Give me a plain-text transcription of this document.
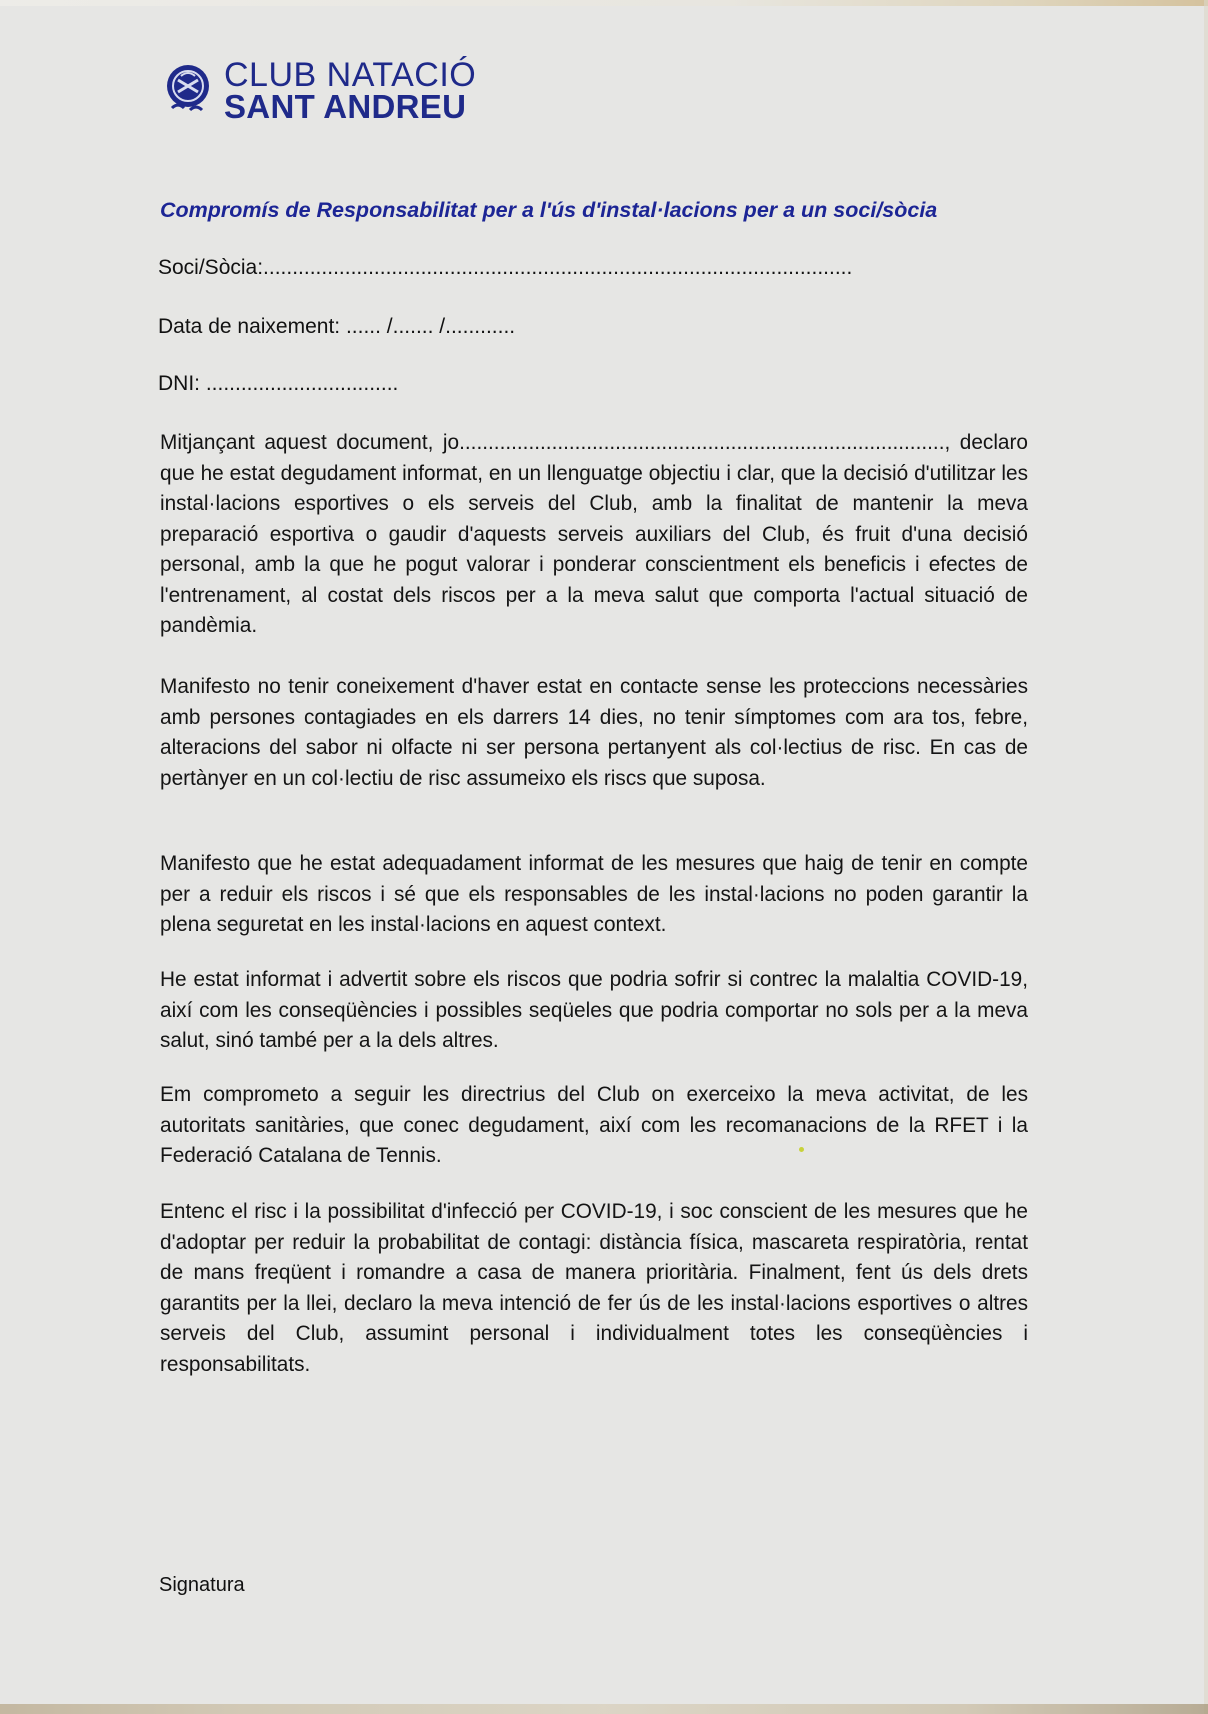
CLUB NATACIÓ
SANT ANDREU
Compromís de Responsabilitat per a l'ús d'instal·lacions per a un soci/sòcia
Soci/Sòcia:.....................................................................................................
Data de naixement: ...... /....... /............
DNI: .................................

Mitjançant aquest document, jo...................................................................................., declaro que he estat degudament informat, en un llenguatge objectiu i clar, que la decisió d'utilitzar les instal·lacions esportives o els serveis del Club, amb la finalitat de mantenir la meva preparació esportiva o gaudir d'aquests serveis auxiliars del Club, és fruit d'una decisió personal, amb la que he pogut valorar i ponderar conscientment els beneficis i efectes de l'entrenament, al costat dels riscos per a la meva salut que comporta l'actual situació de pandèmia.

Manifesto no tenir coneixement d'haver estat en contacte sense les proteccions necessàries amb persones contagiades en els darrers 14 dies, no tenir símptomes com ara tos, febre, alteracions del sabor ni olfacte ni ser persona pertanyent als col·lectius de risc. En cas de pertànyer en un col·lectiu de risc assumeixo els riscs que suposa.

Manifesto que he estat adequadament informat de les mesures que haig de tenir en compte per a reduir els riscos i sé que els responsables de les instal·lacions no poden garantir la plena seguretat en les instal·lacions en aquest context.

He estat informat i advertit sobre els riscos que podria sofrir si contrec la malaltia COVID-19, així com les conseqüències i possibles seqüeles que podria comportar no sols per a la meva salut, sinó també per a la dels altres.

Em comprometo a seguir les directrius del Club on exerceixo la meva activitat, de les autoritats sanitàries, que conec degudament, així com les recomanacions de la RFET i la Federació Catalana de Tennis.

Entenc el risc i la possibilitat d'infecció per COVID-19, i soc conscient de les mesures que he d'adoptar per reduir la probabilitat de contagi: distància física, mascareta respiratòria, rentat de mans freqüent i romandre a casa de manera prioritària. Finalment, fent ús dels drets garantits per la llei, declaro la meva intenció de fer ús de les instal·lacions esportives o altres serveis del Club, assumint personal i individualment totes les conseqüències i responsabilitats.

Signatura
